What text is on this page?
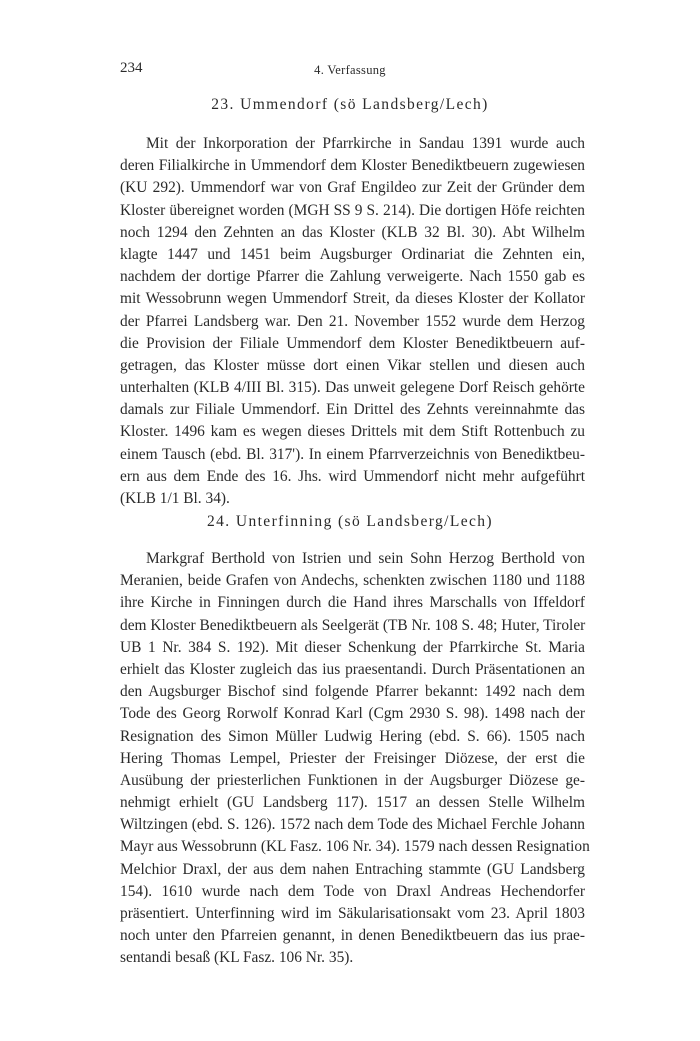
234	4. Verfassung
23. Ummendorf (sö Landsberg/Lech)
Mit der Inkorporation der Pfarrkirche in Sandau 1391 wurde auch
deren Filialkirche in Ummendorf dem Kloster Benediktbeuern zugewiesen
(KU 292). Ummendorf war von Graf Engildeo zur Zeit der Gründer dem
Kloster übereignet worden (MGH SS 9 S. 214). Die dortigen Höfe reichten
noch 1294 den Zehnten an das Kloster (KLB 32 Bl. 30). Abt Wilhelm
klagte 1447 und 1451 beim Augsburger Ordinariat die Zehnten ein,
nachdem der dortige Pfarrer die Zahlung verweigerte. Nach 1550 gab es
mit Wessobrunn wegen Ummendorf Streit, da dieses Kloster der Kollator
der Pfarrei Landsberg war. Den 21. November 1552 wurde dem Herzog
die Provision der Filiale Ummendorf dem Kloster Benediktbeuern auf-
getragen, das Kloster müsse dort einen Vikar stellen und diesen auch
unterhalten (KLB 4/III Bl. 315). Das unweit gelegene Dorf Reisch gehörte
damals zur Filiale Ummendorf. Ein Drittel des Zehnts vereinnahmte das
Kloster. 1496 kam es wegen dieses Drittels mit dem Stift Rottenbuch zu
einem Tausch (ebd. Bl. 317'). In einem Pfarrverzeichnis von Benediktbeu-
ern aus dem Ende des 16. Jhs. wird Ummendorf nicht mehr aufgeführt
(KLB 1/1 Bl. 34).
24. Unterfinning (sö Landsberg/Lech)
Markgraf Berthold von Istrien und sein Sohn Herzog Berthold von
Meranien, beide Grafen von Andechs, schenkten zwischen 1180 und 1188
ihre Kirche in Finningen durch die Hand ihres Marschalls von Iffeldorf
dem Kloster Benediktbeuern als Seelgerät (TB Nr. 108 S. 48; Huter, Tiroler
UB 1 Nr. 384 S. 192). Mit dieser Schenkung der Pfarrkirche St. Maria
erhielt das Kloster zugleich das ius praesentandi. Durch Präsentationen an
den Augsburger Bischof sind folgende Pfarrer bekannt: 1492 nach dem
Tode des Georg Rorwolf Konrad Karl (Cgm 2930 S. 98). 1498 nach der
Resignation des Simon Müller Ludwig Hering (ebd. S. 66). 1505 nach
Hering Thomas Lempel, Priester der Freisinger Diözese, der erst die
Ausübung der priesterlichen Funktionen in der Augsburger Diözese ge-
nehmigt erhielt (GU Landsberg 117). 1517 an dessen Stelle Wilhelm
Wiltzingen (ebd. S. 126). 1572 nach dem Tode des Michael Ferchle Johann
Mayr aus Wessobrunn (KL Fasz. 106 Nr. 34). 1579 nach dessen Resignation
Melchior Draxl, der aus dem nahen Entraching stammte (GU Landsberg
154). 1610 wurde nach dem Tode von Draxl Andreas Hechendorfer
präsentiert. Unterfinning wird im Säkularisationsakt vom 23. April 1803
noch unter den Pfarreien genannt, in denen Benediktbeuern das ius prae-
sentandi besaß (KL Fasz. 106 Nr. 35).
